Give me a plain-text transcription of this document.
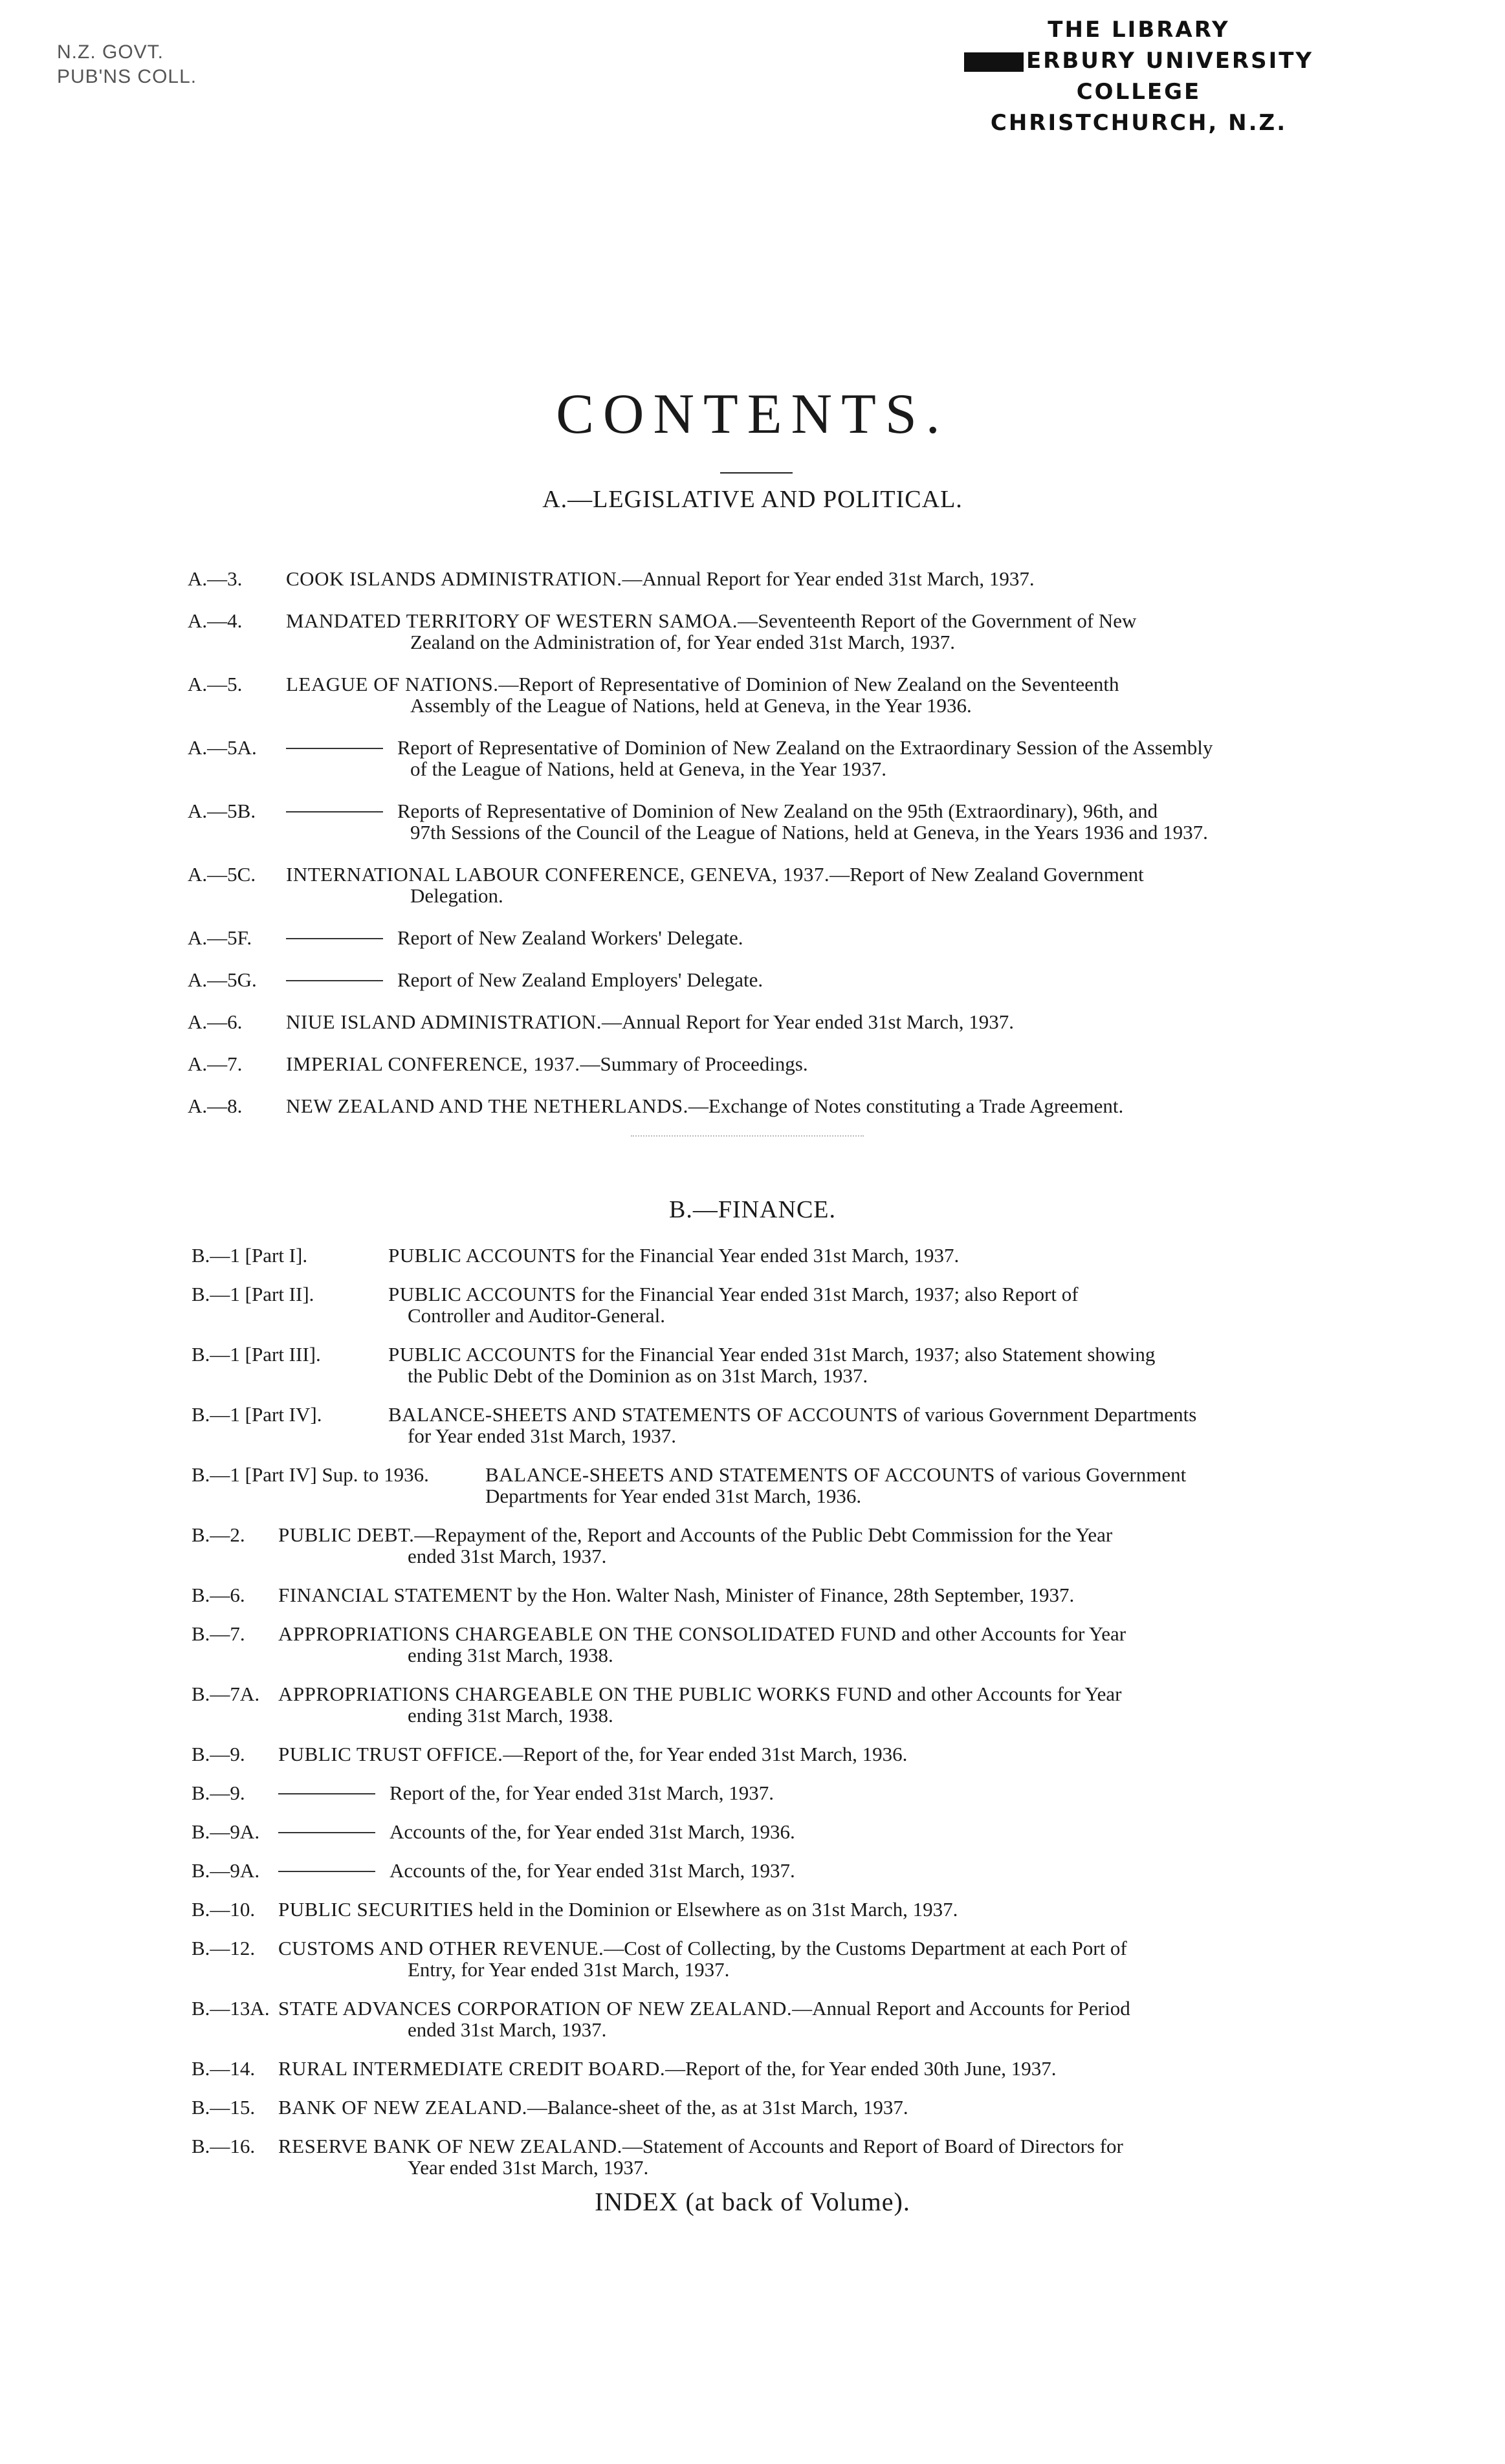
N.Z. GOVT.
PUB'NS COLL.
THE LIBRARY
ERBURY UNIVERSITY COLLEGE
CHRISTCHURCH, N.Z.
CONTENTS.
A.—LEGISLATIVE AND POLITICAL.
A.—3. COOK ISLANDS ADMINISTRATION.—Annual Report for Year ended 31st March, 1937.
A.—4. MANDATED TERRITORY OF WESTERN SAMOA.—Seventeenth Report of the Government of New
Zealand on the Administration of, for Year ended 31st March, 1937.
A.—5. LEAGUE OF NATIONS.—Report of Representative of Dominion of New Zealand on the Seventeenth
Assembly of the League of Nations, held at Geneva, in the Year 1936.
A.—5A.	Report of Representative of Dominion of New Zealand on the Extraordinary Session of the Assembly
of the League of Nations, held at Geneva, in the Year 1937.
A.—5B.	Reports of Representative of Dominion of New Zealand on the 95th (Extraordinary), 96th, and
97th Sessions of the Council of the League of Nations, held at Geneva, in the Years 1936 and 1937.
A.—5C. INTERNATIONAL LABOUR CONFERENCE, GENEVA, 1937.—Report of New Zealand Government
Delegation.
A.—5F.	Report of New Zealand Workers' Delegate.
A.—5G.	Report of New Zealand Employers' Delegate.
A.—6. NIUE ISLAND ADMINISTRATION.—Annual Report for Year ended 31st March, 1937.
A.—7. IMPERIAL CONFERENCE, 1937.—Summary of Proceedings.
A.—8. NEW ZEALAND AND THE NETHERLANDS.—Exchange of Notes constituting a Trade Agreement.
B.—FINANCE.
B.—1 [Part I].	PUBLIC ACCOUNTS for the Financial Year ended 31st March, 1937.
B.—1 [Part II].	PUBLIC ACCOUNTS for the Financial Year ended 31st March, 1937; also Report of
Controller and Auditor-General.
B.—1 [Part III].	PUBLIC ACCOUNTS for the Financial Year ended 31st March, 1937; also Statement showing
the Public Debt of the Dominion as on 31st March, 1937.
B.—1 [Part IV].	BALANCE-SHEETS AND STATEMENTS OF ACCOUNTS of various Government Departments
for Year ended 31st March, 1937.
B.—1 [Part IV] Sup. to 1936.	BALANCE-SHEETS AND STATEMENTS OF ACCOUNTS of various Government
Departments for Year ended 31st March, 1936.
B.—2. PUBLIC DEBT.—Repayment of the, Report and Accounts of the Public Debt Commission for the Year
ended 31st March, 1937.
B.—6. FINANCIAL STATEMENT by the Hon. Walter Nash, Minister of Finance, 28th September, 1937.
B.—7. APPROPRIATIONS CHARGEABLE ON THE CONSOLIDATED FUND and other Accounts for Year
ending 31st March, 1938.
B.—7A. APPROPRIATIONS CHARGEABLE ON THE PUBLIC WORKS FUND and other Accounts for Year
ending 31st March, 1938.
B.—9. PUBLIC TRUST OFFICE.—Report of the, for Year ended 31st March, 1936.
B.—9.	Report of the, for Year ended 31st March, 1937.
B.—9A.	Accounts of the, for Year ended 31st March, 1936.
B.—9A.	Accounts of the, for Year ended 31st March, 1937.
B.—10. PUBLIC SECURITIES held in the Dominion or Elsewhere as on 31st March, 1937.
B.—12. CUSTOMS AND OTHER REVENUE.—Cost of Collecting, by the Customs Department at each Port of
Entry, for Year ended 31st March, 1937.
B.—13A. STATE ADVANCES CORPORATION OF NEW ZEALAND.—Annual Report and Accounts for Period
ended 31st March, 1937.
B.—14. RURAL INTERMEDIATE CREDIT BOARD.—Report of the, for Year ended 30th June, 1937.
B.—15. BANK OF NEW ZEALAND.—Balance-sheet of the, as at 31st March, 1937.
B.—16. RESERVE BANK OF NEW ZEALAND.—Statement of Accounts and Report of Board of Directors for
Year ended 31st March, 1937.
INDEX (at back of Volume).
